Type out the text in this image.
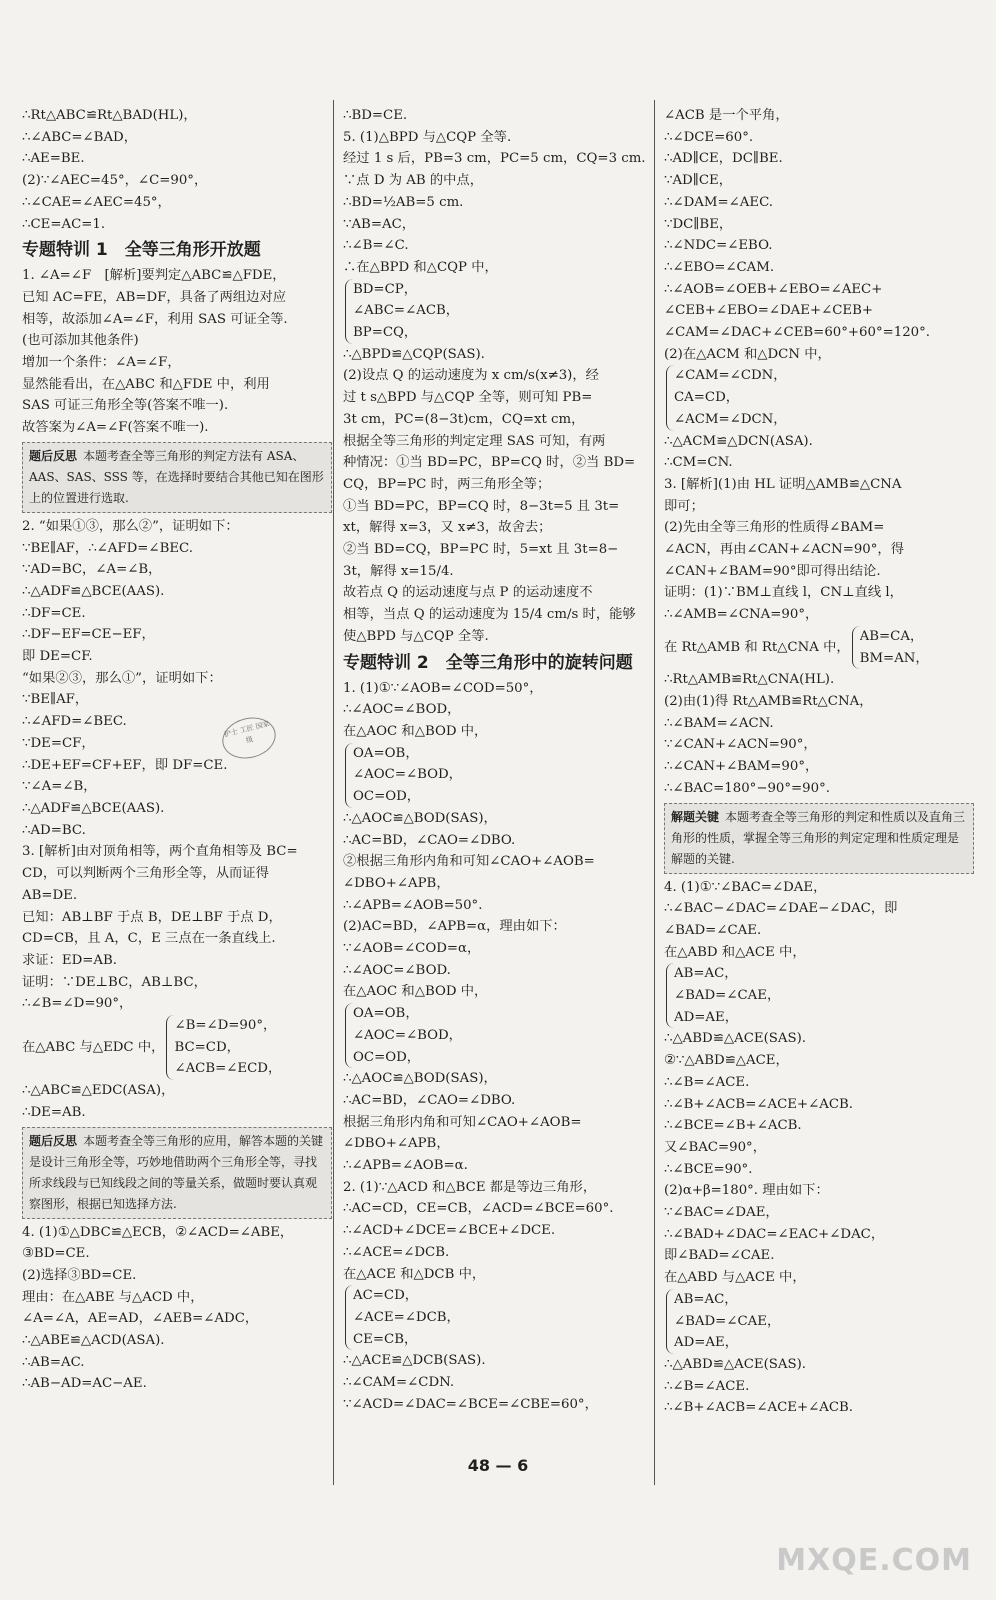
∴Rt△ABC≌Rt△BAD(HL)，
∴∠ABC=∠BAD，
∴AE=BE.
(2)∵∠AEC=45°，∠C=90°，
∴∠CAE=∠AEC=45°，
∴CE=AC=1.
专题特训 1　全等三角形开放题
1. ∠A=∠F　[解析]要判定△ABC≌△FDE，
已知 AC=FE，AB=DF，具备了两组边对应
相等，故添加∠A=∠F，利用 SAS 可证全等.
(也可添加其他条件)
增加一个条件：∠A=∠F，
显然能看出，在△ABC 和△FDE 中，利用
SAS 可证三角形全等(答案不唯一).
故答案为∠A=∠F(答案不唯一).
题后反思 本题考查全等三角形的判定方法有 ASA、AAS、SAS、SSS 等，在选择时要结合其他已知在图形上的位置进行选取.
2. “如果①③，那么②”，证明如下：
∵BE∥AF，∴∠AFD=∠BEC.
∵AD=BC，∠A=∠B，
∴△ADF≌△BCE(AAS).
∴DF=CE.
∴DF−EF=CE−EF，
即 DE=CF.
“如果②③，那么①”，证明如下：
∵BE∥AF，
∴∠AFD=∠BEC.
∵DE=CF，
∴DE+EF=CF+EF，即 DF=CE.
∵∠A=∠B，
∴△ADF≌△BCE(AAS).
∴AD=BC.
3. [解析]由对顶角相等，两个直角相等及 BC=
CD，可以判断两个三角形全等，从而证得
AB=DE.
已知：AB⊥BF 于点 B，DE⊥BF 于点 D，
CD=CB，且 A，C，E 三点在一条直线上.
求证：ED=AB.
证明：∵DE⊥BC，AB⊥BC，
∴∠B=∠D=90°，
在△ABC 与△EDC 中，
∠B=∠D=90°，
BC=CD，
∠ACB=∠ECD，
∴△ABC≌△EDC(ASA)，
∴DE=AB.
题后反思 本题考查全等三角形的应用，解答本题的关键是设计三角形全等，巧妙地借助两个三角形全等，寻找所求线段与已知线段之间的等量关系，做题时要认真观察图形，根据已知选择方法.
4. (1)①△DBC≌△ECB，②∠ACD=∠ABE，
③BD=CE.
(2)选择③BD=CE.
理由：在△ABE 与△ACD 中，
∠A=∠A，AE=AD，∠AEB=∠ADC，
∴△ABE≌△ACD(ASA).
∴AB=AC.
∴AB−AD=AC−AE.
护士 工匠 国家级
∴BD=CE.
5. (1)△BPD 与△CQP 全等.
经过 1 s 后，PB=3 cm，PC=5 cm，CQ=3 cm.
∵点 D 为 AB 的中点，
∴BD=½AB=5 cm.
∵AB=AC，
∴∠B=∠C.
∴在△BPD 和△CQP 中，
BD=CP，
∠ABC=∠ACB，
BP=CQ，
∴△BPD≌△CQP(SAS).
(2)设点 Q 的运动速度为 x cm/s(x≠3)，经
过 t s△BPD 与△CQP 全等，则可知 PB=
3t cm，PC=(8−3t)cm，CQ=xt cm，
根据全等三角形的判定定理 SAS 可知，有两
种情况：①当 BD=PC，BP=CQ 时，②当 BD=
CQ，BP=PC 时，两三角形全等；
①当 BD=PC，BP=CQ 时，8−3t=5 且 3t=
xt，解得 x=3，又 x≠3，故舍去；
②当 BD=CQ，BP=PC 时，5=xt 且 3t=8−
3t，解得 x=15/4.
故若点 Q 的运动速度与点 P 的运动速度不
相等，当点 Q 的运动速度为 15/4 cm/s 时，能够
使△BPD 与△CQP 全等.
专题特训 2　全等三角形中的旋转问题
1. (1)①∵∠AOB=∠COD=50°，
∴∠AOC=∠BOD，
在△AOC 和△BOD 中，
OA=OB，
∠AOC=∠BOD，
OC=OD，
∴△AOC≌△BOD(SAS)，
∴AC=BD，∠CAO=∠DBO.
②根据三角形内角和可知∠CAO+∠AOB=
∠DBO+∠APB，
∴∠APB=∠AOB=50°.
(2)AC=BD，∠APB=α，理由如下：
∵∠AOB=∠COD=α，
∴∠AOC=∠BOD.
在△AOC 和△BOD 中，
OA=OB，
∠AOC=∠BOD，
OC=OD，
∴△AOC≌△BOD(SAS)，
∴AC=BD，∠CAO=∠DBO.
根据三角形内角和可知∠CAO+∠AOB=
∠DBO+∠APB，
∴∠APB=∠AOB=α.
2. (1)∵△ACD 和△BCE 都是等边三角形，
∴AC=CD，CE=CB，∠ACD=∠BCE=60°.
∴∠ACD+∠DCE=∠BCE+∠DCE.
∴∠ACE=∠DCB.
在△ACE 和△DCB 中，
AC=CD，
∠ACE=∠DCB，
CE=CB，
∴△ACE≌△DCB(SAS).
∴∠CAM=∠CDN.
∵∠ACD=∠DAC=∠BCE=∠CBE=60°，
∠ACB 是一个平角，
∴∠DCE=60°.
∴AD∥CE，DC∥BE.
∵AD∥CE，
∴∠DAM=∠AEC.
∵DC∥BE，
∴∠NDC=∠EBO.
∴∠EBO=∠CAM.
∴∠AOB=∠OEB+∠EBO=∠AEC+
∠CEB+∠EBO=∠DAE+∠CEB+
∠CAM=∠DAC+∠CEB=60°+60°=120°.
(2)在△ACM 和△DCN 中，
∠CAM=∠CDN，
CA=CD，
∠ACM=∠DCN，
∴△ACM≌△DCN(ASA).
∴CM=CN.
3. [解析](1)由 HL 证明△AMB≌△CNA
即可；
(2)先由全等三角形的性质得∠BAM=
∠ACN，再由∠CAN+∠ACN=90°，得
∠CAN+∠BAM=90°即可得出结论.
证明：(1)∵BM⊥直线 l，CN⊥直线 l，
∴∠AMB=∠CNA=90°，
在 Rt△AMB 和 Rt△CNA 中，
AB=CA，
BM=AN，
∴Rt△AMB≌Rt△CNA(HL).
(2)由(1)得 Rt△AMB≌Rt△CNA，
∴∠BAM=∠ACN.
∵∠CAN+∠ACN=90°，
∴∠CAN+∠BAM=90°，
∴∠BAC=180°−90°=90°.
解题关键 本题考查全等三角形的判定和性质以及直角三角形的性质，掌握全等三角形的判定定理和性质定理是解题的关键.
4. (1)①∵∠BAC=∠DAE，
∴∠BAC−∠DAC=∠DAE−∠DAC，即
∠BAD=∠CAE.
在△ABD 和△ACE 中，
AB=AC，
∠BAD=∠CAE，
AD=AE，
∴△ABD≌△ACE(SAS).
②∵△ABD≌△ACE，
∴∠B=∠ACE.
∴∠B+∠ACB=∠ACE+∠ACB.
∴∠BCE=∠B+∠ACB.
又∠BAC=90°，
∴∠BCE=90°.
(2)α+β=180°. 理由如下：
∵∠BAC=∠DAE，
∴∠BAD+∠DAC=∠EAC+∠DAC，
即∠BAD=∠CAE.
在△ABD 与△ACE 中，
AB=AC，
∠BAD=∠CAE，
AD=AE，
∴△ABD≌△ACE(SAS).
∴∠B=∠ACE.
∴∠B+∠ACB=∠ACE+∠ACB.
48 — 6
MXQE.COM
